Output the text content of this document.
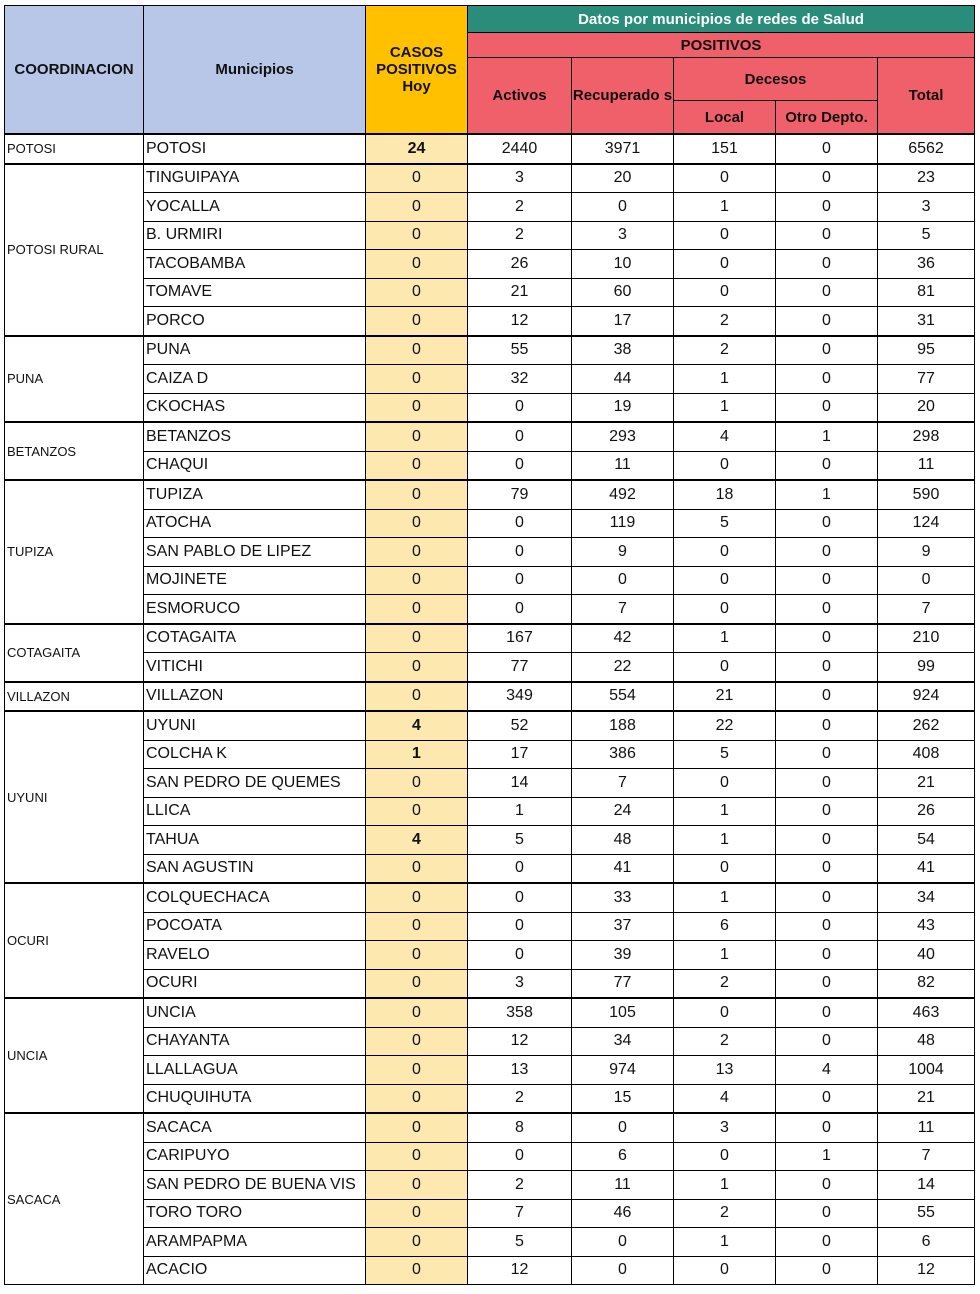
COORDINACION	Municipios	CASOS POSITIVOS Hoy	Datos por municipios de redes de Salud				
			POSITIVOS				
			Activos	Recuperado s	Decesos		Total
					Local	Otro Depto.	
POTOSI	POTOSI	24	2440	3971	151	0	6562
POTOSI RURAL	TINGUIPAYA	0	3	20	0	0	23
	YOCALLA	0	2	0	1	0	3
	B. URMIRI	0	2	3	0	0	5
	TACOBAMBA	0	26	10	0	0	36
	TOMAVE	0	21	60	0	0	81
	PORCO	0	12	17	2	0	31
PUNA	PUNA	0	55	38	2	0	95
	CAIZA D	0	32	44	1	0	77
	CKOCHAS	0	0	19	1	0	20
BETANZOS	BETANZOS	0	0	293	4	1	298
	CHAQUI	0	0	11	0	0	11
TUPIZA	TUPIZA	0	79	492	18	1	590
	ATOCHA	0	0	119	5	0	124
	SAN PABLO DE LIPEZ	0	0	9	0	0	9
	MOJINETE	0	0	0	0	0	0
	ESMORUCO	0	0	7	0	0	7
COTAGAITA	COTAGAITA	0	167	42	1	0	210
	VITICHI	0	77	22	0	0	99
VILLAZON	VILLAZON	0	349	554	21	0	924
UYUNI	UYUNI	4	52	188	22	0	262
	COLCHA K	1	17	386	5	0	408
	SAN PEDRO DE QUEMES	0	14	7	0	0	21
	LLICA	0	1	24	1	0	26
	TAHUA	4	5	48	1	0	54
	SAN AGUSTIN	0	0	41	0	0	41
OCURI	COLQUECHACA	0	0	33	1	0	34
	POCOATA	0	0	37	6	0	43
	RAVELO	0	0	39	1	0	40
	OCURI	0	3	77	2	0	82
UNCIA	UNCIA	0	358	105	0	0	463
	CHAYANTA	0	12	34	2	0	48
	LLALLAGUA	0	13	974	13	4	1004
	CHUQUIHUTA	0	2	15	4	0	21
SACACA	SACACA	0	8	0	3	0	11
	CARIPUYO	0	0	6	0	1	7
	SAN PEDRO DE BUENA VIS	0	2	11	1	0	14
	TORO TORO	0	7	46	2	0	55
	ARAMPAPMA	0	5	0	1	0	6
	ACACIO	0	12	0	0	0	12
